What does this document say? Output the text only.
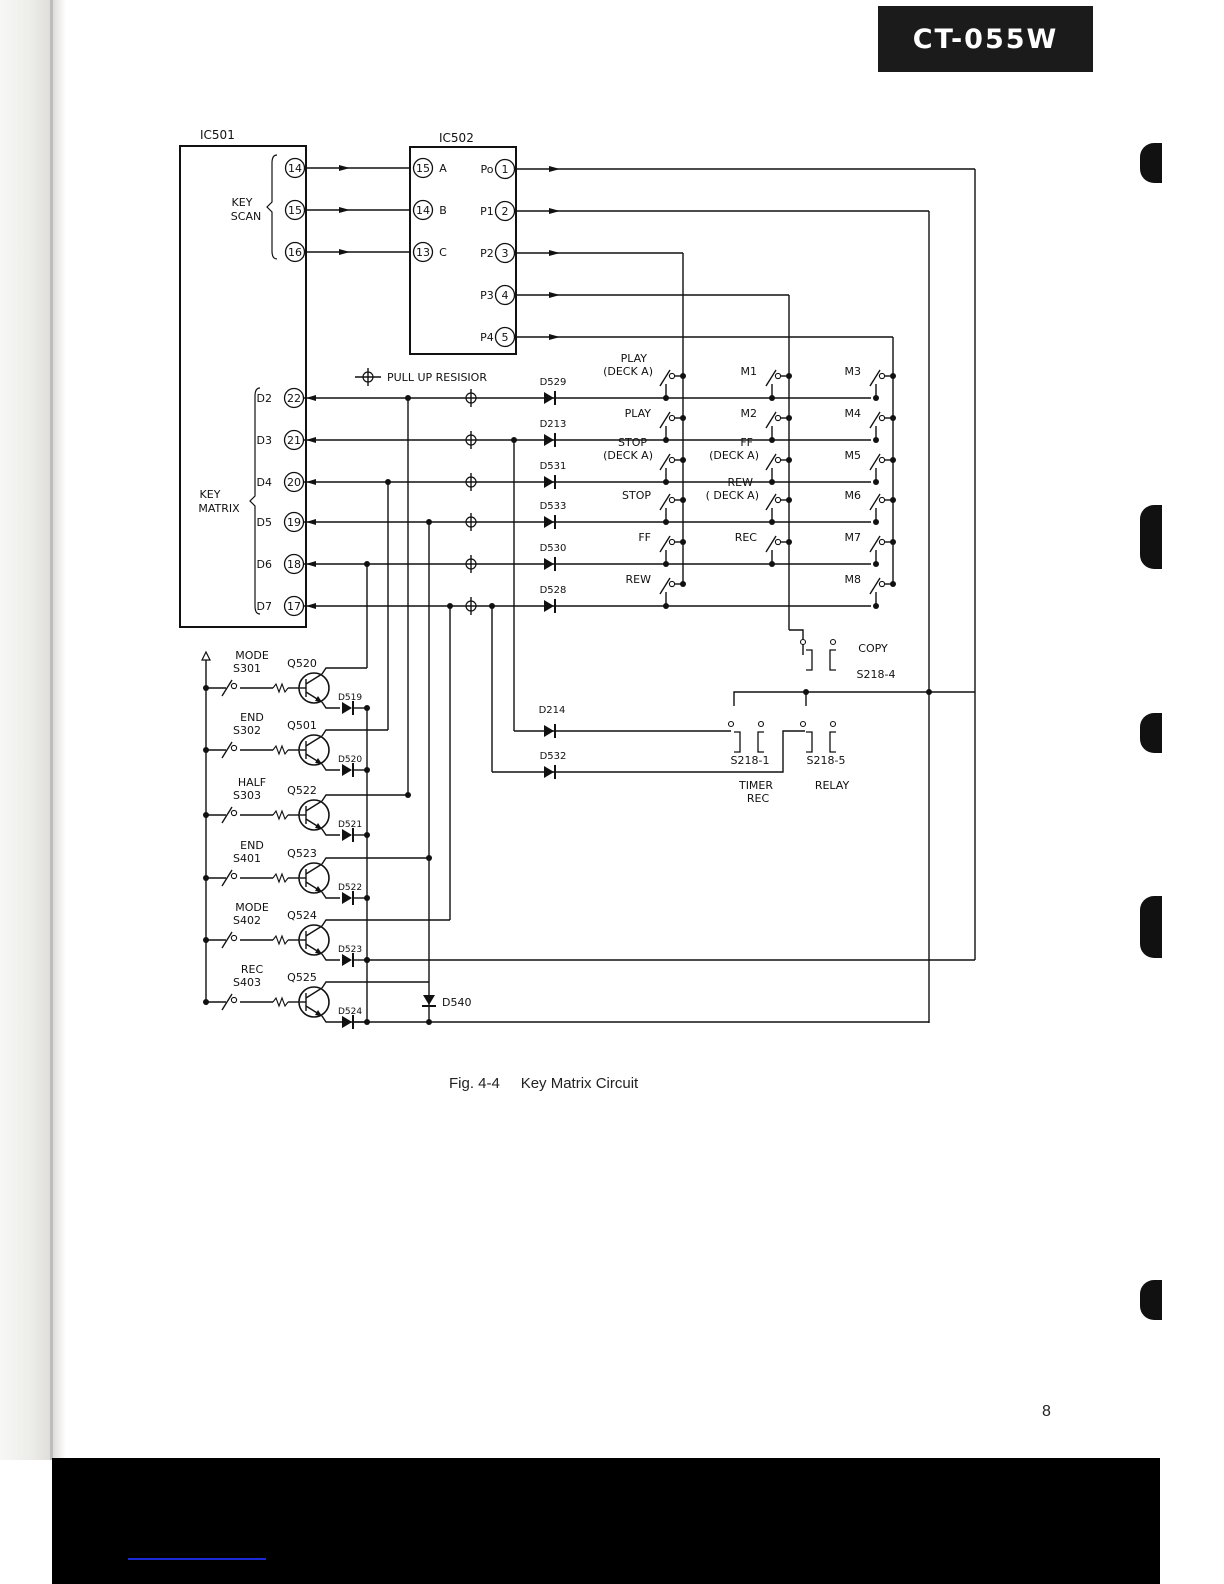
CT-055W
IC501
KEY
SCAN
KEY
MATRIX
IC502
14	15 A
15	14 B
16	13 C
Po 1
P1 2
P2 3
P3 4
P4 5
PULL UP RESISIOR
D2 22
D529
D3 21
D213
D4 20
D531
D5 19
D533
D6 18
D530
D7 17
D528
PLAY
(DECK A)
PLAY
STOP
(DECK A)
STOP
FF
REW
M1
M2
FF
(DECK A)
REW
( DECK A)
REC
M3
M4
M5
M6
M7
M8
COPY
S218-4
D214
D532	S218-1	S218-5
TIMER
REC
RELAY
MODE
S301 Q520
D519
END
S302 Q501
D520
HALF
S303 Q522
D521
END
S401 Q523
D522
MODE
S402 Q524
D523
REC
S403 Q525
D524
D540
Fig. 4-4     Key Matrix Circuit
8
